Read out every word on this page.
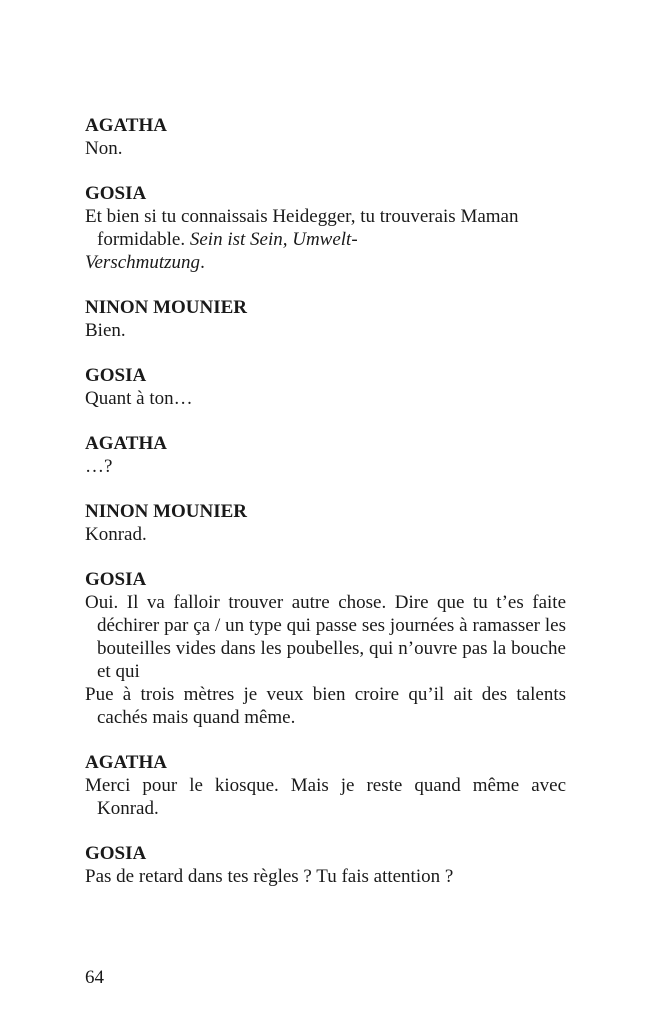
AGATHA

Non.

GOSIA

Et bien si tu connaissais Heidegger, tu trouverais Maman formidable. Sein ist Sein, Umwelt-

Verschmutzung.

NINON MOUNIER

Bien.

GOSIA

Quant à ton…

AGATHA

…?

NINON MOUNIER

Konrad.

GOSIA

Oui. Il va falloir trouver autre chose. Dire que tu t’es faite déchirer par ça / un type qui passe ses journées à ramasser les bouteilles vides dans les poubelles, qui n’ouvre pas la bouche et qui

Pue à trois mètres je veux bien croire qu’il ait des talents cachés mais quand même.

AGATHA

Merci pour le kiosque. Mais je reste quand même avec Konrad.

GOSIA

Pas de retard dans tes règles ? Tu fais attention ?

64
